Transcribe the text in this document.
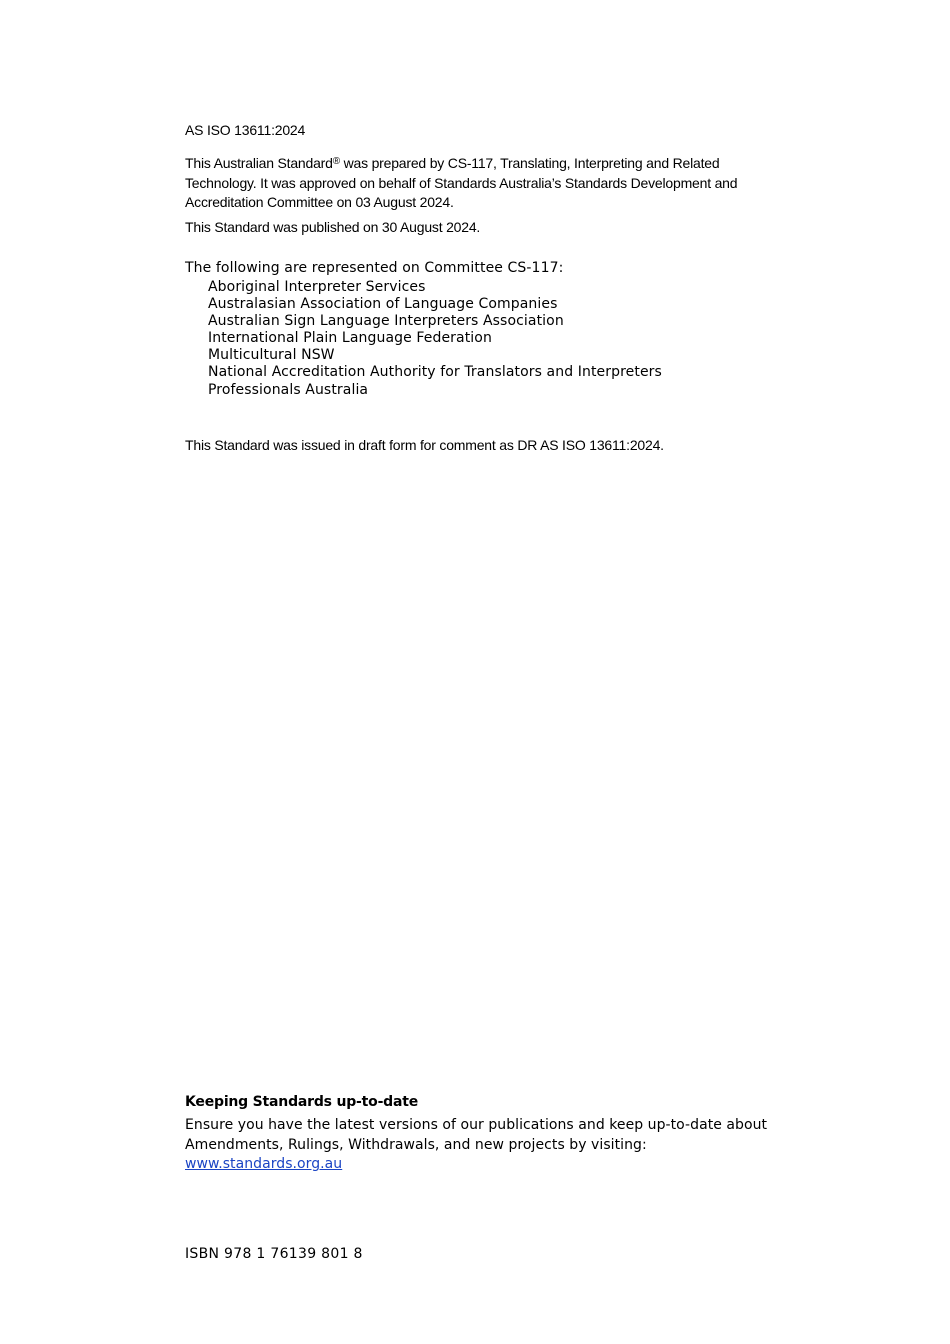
AS ISO 13611:2024

This Australian Standard® was prepared by CS-117, Translating, Interpreting and Related Technology. It was approved on behalf of Standards Australia’s Standards Development and Accreditation Committee on 03 August 2024.

This Standard was published on 30 August 2024.

The following are represented on Committee CS-117:

Aboriginal Interpreter Services
Australasian Association of Language Companies
Australian Sign Language Interpreters Association
International Plain Language Federation
Multicultural NSW
National Accreditation Authority for Translators and Interpreters
Professionals Australia

This Standard was issued in draft form for comment as DR AS ISO 13611:2024.

Keeping Standards up-to-date

Ensure you have the latest versions of our publications and keep up-to-date about Amendments, Rulings, Withdrawals, and new projects by visiting:
www.standards.org.au

ISBN 978 1 76139 801 8
